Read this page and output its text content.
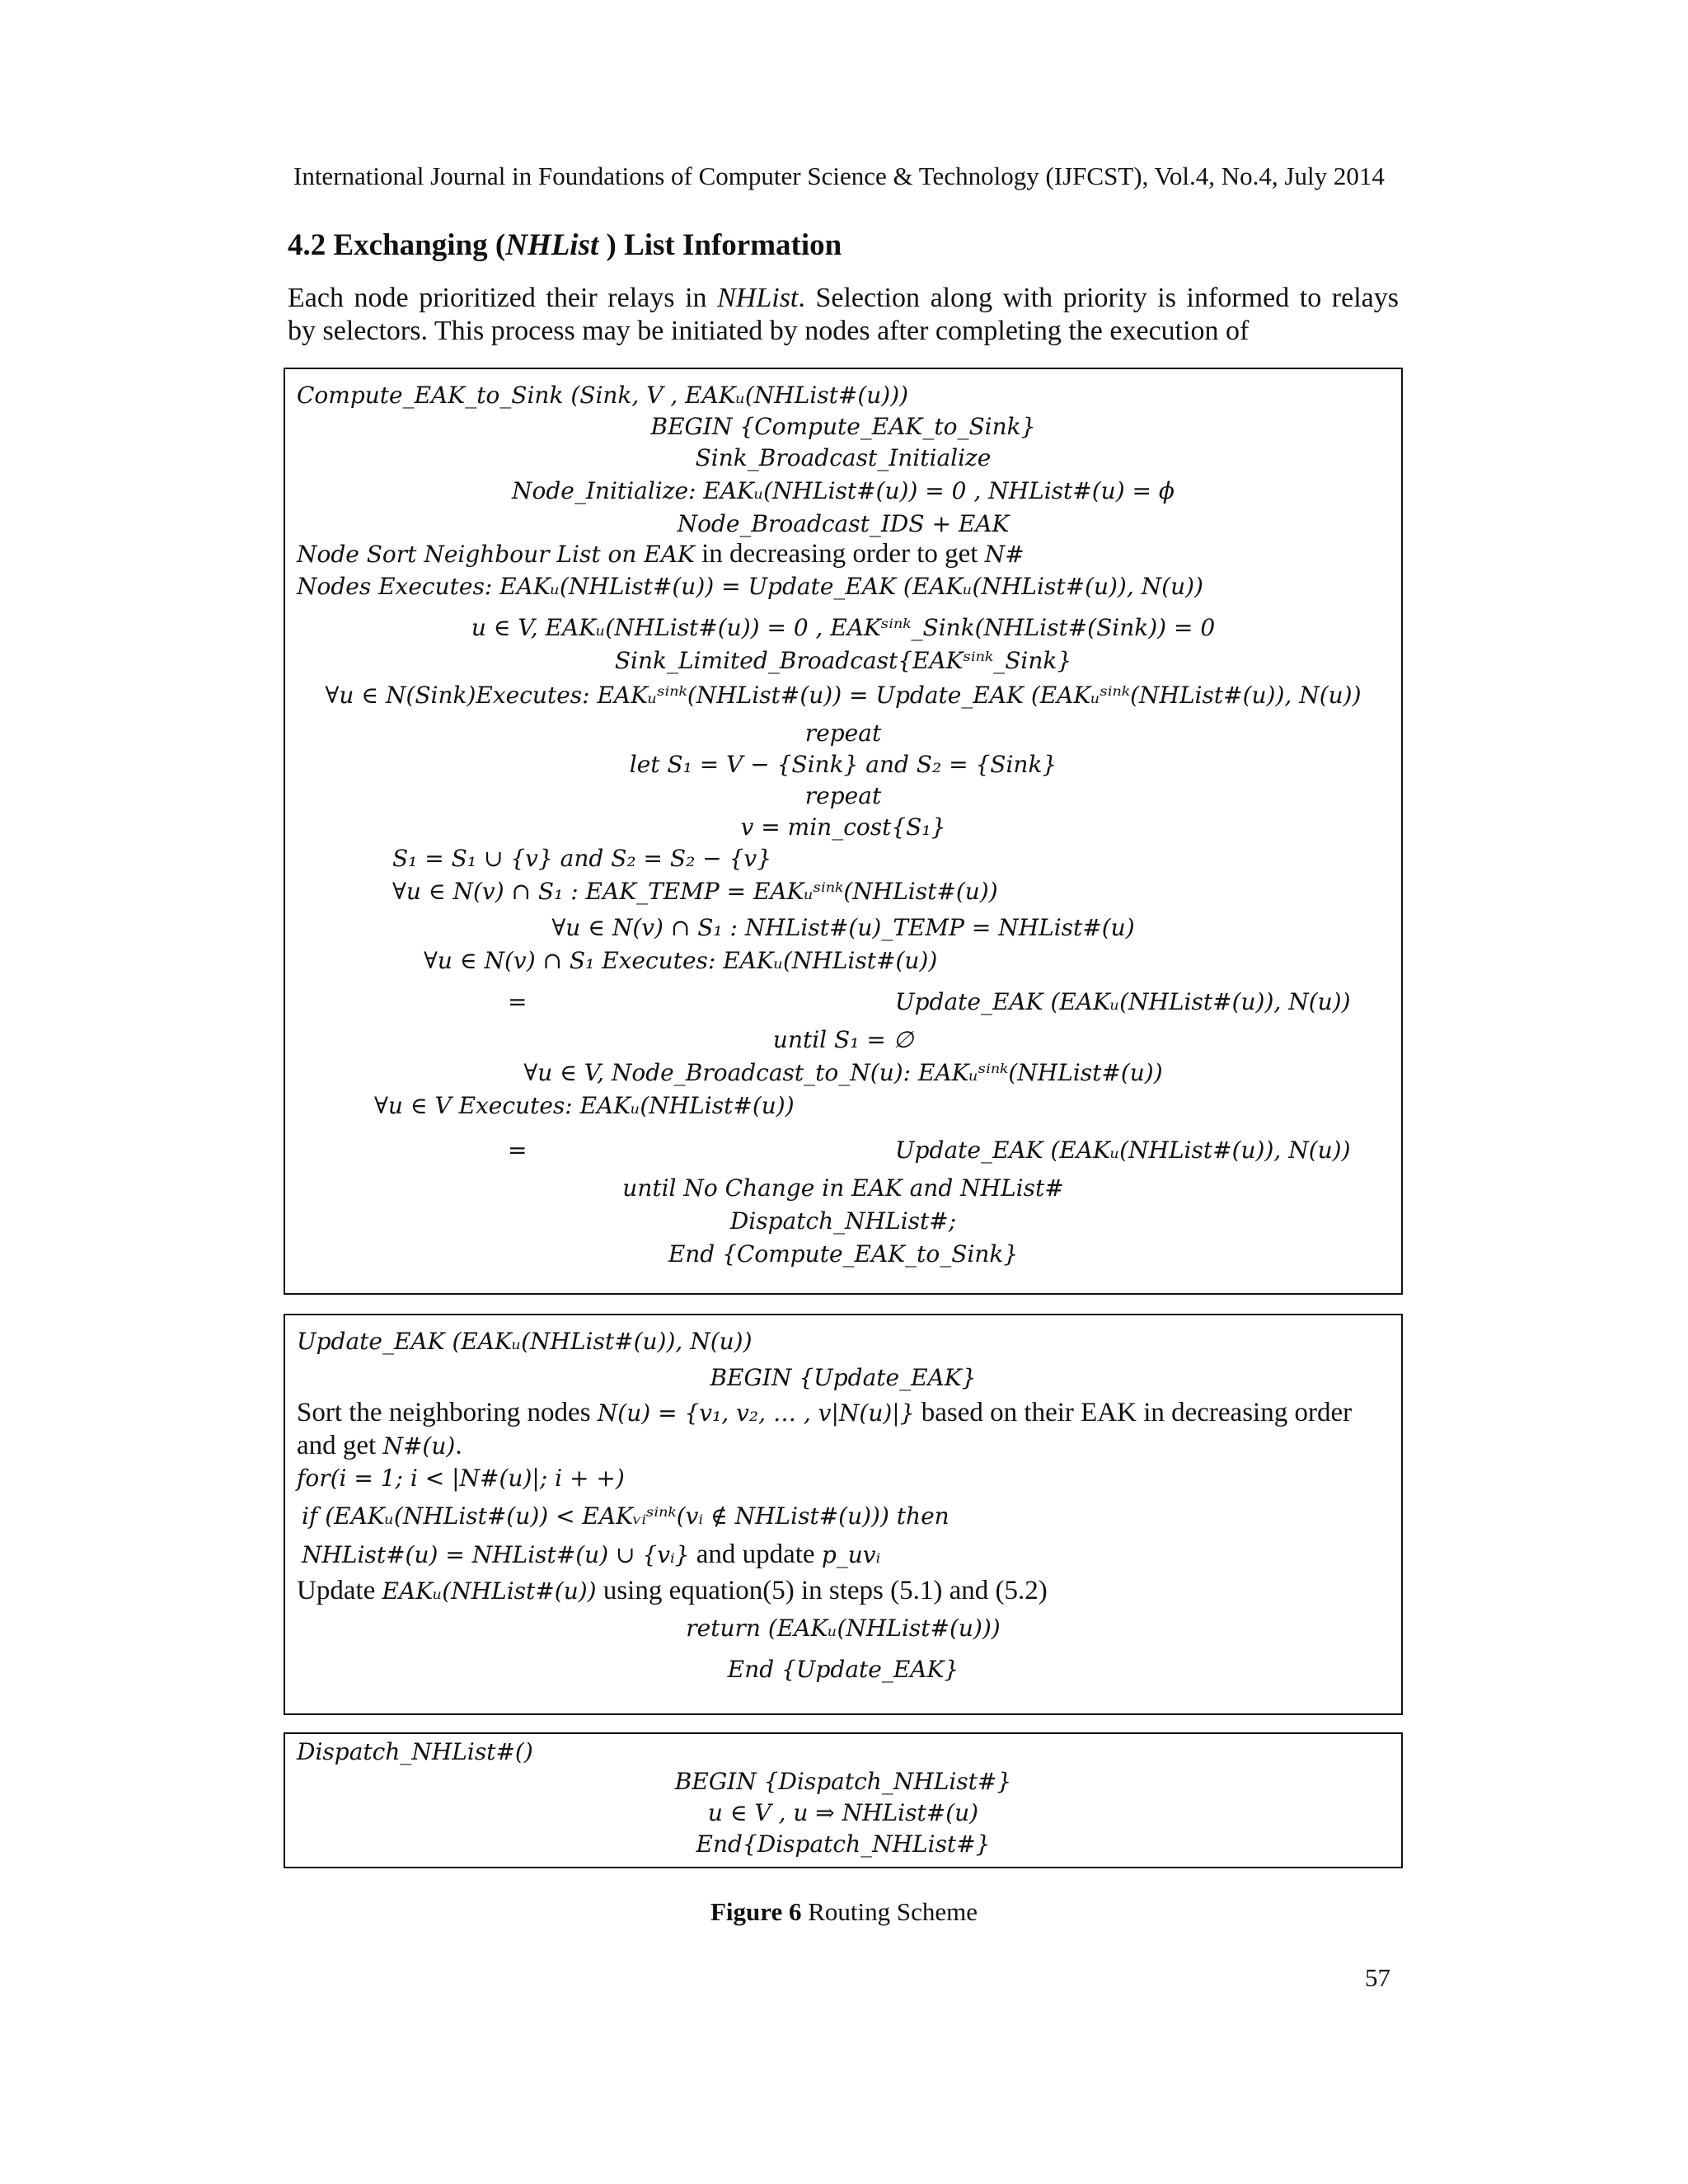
International Journal in Foundations of Computer Science & Technology (IJFCST), Vol.4, No.4, July 2014
4.2 Exchanging (NHList ) List Information
Each node prioritized their relays in NHList. Selection along with priority is informed to relays
by selectors. This process may be initiated by nodes after completing the execution of
Compute_EAK_to_Sink (Sink, V , EAKᵤ(NHList#(u)))
BEGIN {Compute_EAK_to_Sink}
Sink_Broadcast_Initialize
Node_Initialize: EAKᵤ(NHList#(u)) = 0 , NHList#(u) = ϕ
Node_Broadcast_IDS + EAK
Node Sort Neighbour List on EAK in decreasing order to get N#
Nodes Executes: EAKᵤ(NHList#(u)) = Update_EAK (EAKᵤ(NHList#(u)), N(u))
u ∈ V, EAKᵤ(NHList#(u)) = 0 , EAKˢⁱⁿᵏ_Sink(NHList#(Sink)) = 0
Sink_Limited_Broadcast{EAKˢⁱⁿᵏ_Sink}
∀u ∈ N(Sink)Executes: EAKᵤˢⁱⁿᵏ(NHList#(u)) = Update_EAK (EAKᵤˢⁱⁿᵏ(NHList#(u)), N(u))
repeat
let S₁ = V − {Sink} and S₂ = {Sink}
repeat
v = min_cost{S₁}
S₁ = S₁ ∪ {v} and S₂ = S₂ − {v}
∀u ∈ N(v) ∩ S₁ : EAK_TEMP = EAKᵤˢⁱⁿᵏ(NHList#(u))
∀u ∈ N(v) ∩ S₁ : NHList#(u)_TEMP = NHList#(u)
∀u ∈ N(v) ∩ S₁ Executes: EAKᵤ(NHList#(u))
=	Update_EAK (EAKᵤ(NHList#(u)), N(u))
until S₁ = ∅
∀u ∈ V, Node_Broadcast_to_N(u): EAKᵤˢⁱⁿᵏ(NHList#(u))
∀u ∈ V Executes: EAKᵤ(NHList#(u))
=	Update_EAK (EAKᵤ(NHList#(u)), N(u))
until No Change in EAK and NHList#
Dispatch_NHList#;
End {Compute_EAK_to_Sink}
Update_EAK (EAKᵤ(NHList#(u)), N(u))
BEGIN {Update_EAK}
Sort the neighboring nodes N(u) = {v₁, v₂, … , v|N(u)|} based on their EAK in decreasing order
and get N#(u).
for(i = 1; i < |N#(u)|; i + +)
if (EAKᵤ(NHList#(u)) < EAKᵥᵢˢⁱⁿᵏ(vᵢ ∉ NHList#(u))) then
NHList#(u) = NHList#(u) ∪ {vᵢ} and update p_uvᵢ
Update EAKᵤ(NHList#(u)) using equation(5) in steps (5.1) and (5.2)
return (EAKᵤ(NHList#(u)))
End {Update_EAK}
Dispatch_NHList#()
BEGIN {Dispatch_NHList#}
u ∈ V , u ⇒ NHList#(u)
End{Dispatch_NHList#}
Figure 6 Routing Scheme
57
